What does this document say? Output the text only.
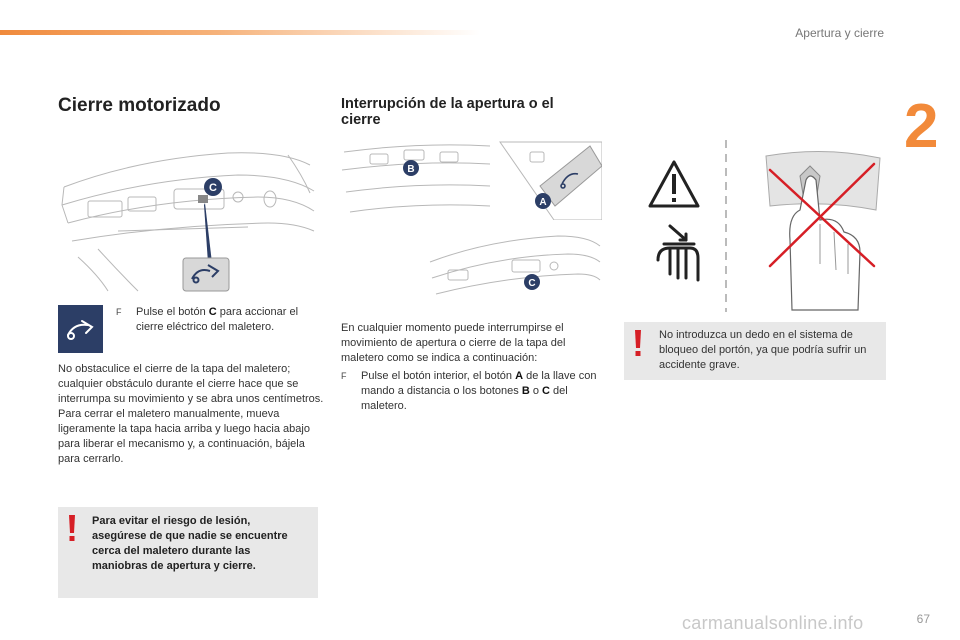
Apertura y cierre
2
Cierre motorizado
C
F	Pulse el botón C para accionar el cierre eléctrico del maletero.
No obstaculice el cierre de la tapa del maletero; cualquier obstáculo durante el cierre hace que se interrumpa su movimiento y se abra unos centímetros.
Para cerrar el maletero manualmente, mueva ligeramente la tapa hacia arriba y luego hacia abajo para liberar el mecanismo y, a continuación, bájela para cerrarlo.
Para evitar el riesgo de lesión, asegúrese de que nadie se encuentre cerca del maletero durante las maniobras de apertura y cierre.
Interrupción de la apertura o el cierre
B
A
C
En cualquier momento puede interrumpirse el movimiento de apertura o cierre de la tapa del maletero como se indica a continuación:
F	Pulse el botón interior, el botón A de la llave con mando a distancia o los botones B o C del maletero.
No introduzca un dedo en el sistema de bloqueo del portón, ya que podría sufrir un accidente grave.
carmanualsonline.info	67
